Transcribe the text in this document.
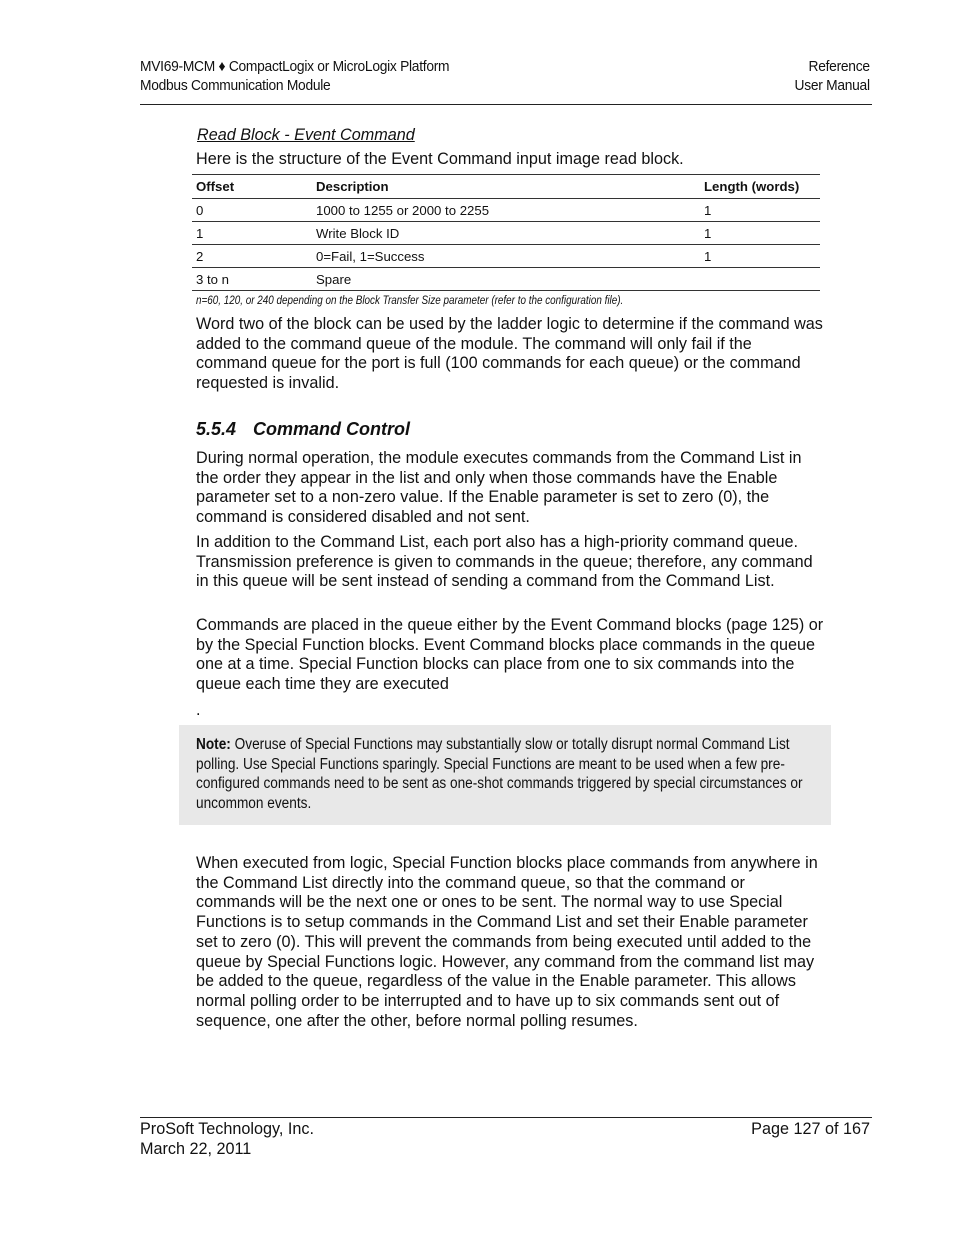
MVI69-MCM ♦ CompactLogix or MicroLogix Platform
Modbus Communication Module
Reference
User Manual
Read Block - Event Command
Here is the structure of the Event Command input image read block.
Offset	Description	Length (words)
0	1000 to 1255 or 2000 to 2255	1
1	Write Block ID	1
2	0=Fail, 1=Success	1
3 to n	Spare	
n=60, 120, or 240 depending on the Block Transfer Size parameter (refer to the configuration file).

Word two of the block can be used by the ladder logic to determine if the command was added to the command queue of the module. The command will only fail if the command queue for the port is full (100 commands for each queue) or the command requested is invalid.

5.5.4 Command Control

During normal operation, the module executes commands from the Command List in the order they appear in the list and only when those commands have the Enable parameter set to a non-zero value. If the Enable parameter is set to zero (0), the command is considered disabled and not sent.

In addition to the Command List, each port also has a high-priority command queue. Transmission preference is given to commands in the queue; therefore, any command in this queue will be sent instead of sending a command from the Command List.

Commands are placed in the queue either by the Event Command blocks (page 125) or by the Special Function blocks. Event Command blocks place commands in the queue one at a time. Special Function blocks can place from one to six commands into the queue each time they are executed

.
Note: Overuse of Special Functions may substantially slow or totally disrupt normal Command List polling. Use Special Functions sparingly. Special Functions are meant to be used when a few pre-configured commands need to be sent as one-shot commands triggered by special circumstances or uncommon events.

When executed from logic, Special Function blocks place commands from anywhere in the Command List directly into the command queue, so that the command or commands will be the next one or ones to be sent. The normal way to use Special Functions is to setup commands in the Command List and set their Enable parameter set to zero (0). This will prevent the commands from being executed until added to the queue by Special Functions logic. However, any command from the command list may be added to the queue, regardless of the value in the Enable parameter. This allows normal polling order to be interrupted and to have up to six commands sent out of sequence, one after the other, before normal polling resumes.

ProSoft Technology, Inc.
March 22, 2011
Page 127 of 167
